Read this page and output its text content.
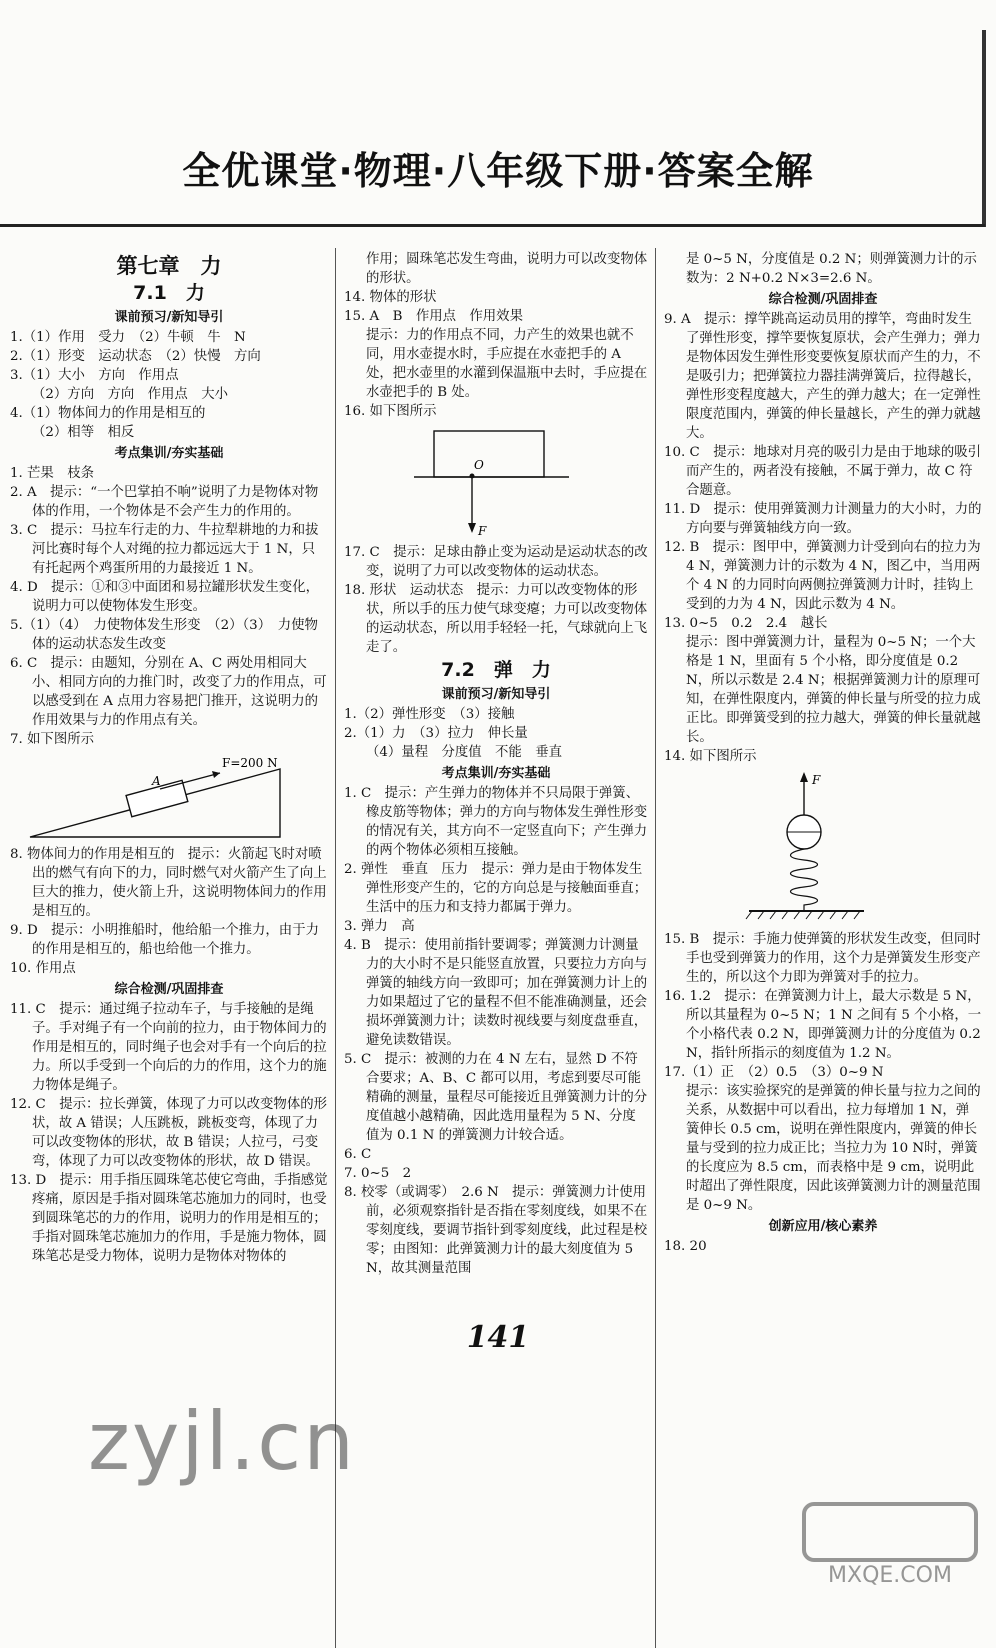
全优课堂·物理·八年级下册·答案全解

第七章　力

7.1　力

课前预习/新知导引

1.（1）作用　受力　（2）牛顿　牛　N

2.（1）形变　运动状态　（2）快慢　方向

3.（1）大小　方向　作用点

（2）方向　方向　作用点　大小

4.（1）物体间力的作用是相互的

（2）相等　相反

考点集训/夯实基础

1. 芒果　枝条

2. A　提示：“一个巴掌拍不响”说明了力是物体对物体的作用，一个物体是不会产生力的作用的。

3. C　提示：马拉车行走的力、牛拉犁耕地的力和拔河比赛时每个人对绳的拉力都远远大于 1 N，只有托起两个鸡蛋所用的力最接近 1 N。

4. D　提示：①和③中面团和易拉罐形状发生变化，说明力可以使物体发生形变。

5.（1）（4）　力使物体发生形变　（2）（3）　力使物体的运动状态发生改变

6. C　提示：由题知，分别在 A、C 两处用相同大小、相同方向的力推门时，改变了力的作用点，可以感受到在 A 点用力容易把门推开，这说明力的作用效果与力的作用点有关。

7. 如下图所示

A
F=200 N

8. 物体间力的作用是相互的　提示：火箭起飞时对喷出的燃气有向下的力，同时燃气对火箭产生了向上巨大的推力，使火箭上升，这说明物体间力的作用是相互的。

9. D　提示：小明推船时，他给船一个推力，由于力的作用是相互的，船也给他一个推力。

10. 作用点

综合检测/巩固排查

11. C　提示：通过绳子拉动车子，与手接触的是绳子。手对绳子有一个向前的拉力，由于物体间力的作用是相互的，同时绳子也会对手有一个向后的拉力。所以手受到一个向后的力的作用，这个力的施力物体是绳子。

12. C　提示：拉长弹簧，体现了力可以改变物体的形状，故 A 错误；人压跳板，跳板变弯，体现了力可以改变物体的形状，故 B 错误；人拉弓，弓变弯，体现了力可以改变物体的形状，故 D 错误。

13. D　提示：用手指压圆珠笔芯使它弯曲，手指感觉疼痛，原因是手指对圆珠笔芯施加力的同时，也受到圆珠笔芯的力的作用，说明力的作用是相互的；手指对圆珠笔芯施加力的作用，手是施力物体，圆珠笔芯是受力物体，说明力是物体对物体的

作用；圆珠笔芯发生弯曲，说明力可以改变物体的形状。

14. 物体的形状

15. A　B　作用点　作用效果

提示：力的作用点不同，力产生的效果也就不同，用水壶提水时，手应提在水壶把手的 A 处，把水壶里的水灌到保温瓶中去时，手应提在水壶把手的 B 处。

16. 如下图所示

O
F

17. C　提示：足球由静止变为运动是运动状态的改变，说明了力可以改变物体的运动状态。

18. 形状　运动状态　提示：力可以改变物体的形状，所以手的压力使气球变瘪；力可以改变物体的运动状态，所以用手轻轻一托，气球就向上飞走了。

7.2　弹　力

课前预习/新知导引

1.（2）弹性形变　（3）接触

2.（1）力　（3）拉力　伸长量

（4）量程　分度值　不能　垂直

考点集训/夯实基础

1. C　提示：产生弹力的物体并不只局限于弹簧、橡皮筋等物体；弹力的方向与物体发生弹性形变的情况有关，其方向不一定竖直向下；产生弹力的两个物体必须相互接触。

2. 弹性　垂直　压力　提示：弹力是由于物体发生弹性形变产生的，它的方向总是与接触面垂直；生活中的压力和支持力都属于弹力。

3. 弹力　高

4. B　提示：使用前指针要调零；弹簧测力计测量力的大小时不是只能竖直放置，只要拉力方向与弹簧的轴线方向一致即可；加在弹簧测力计上的力如果超过了它的量程不但不能准确测量，还会损坏弹簧测力计；读数时视线要与刻度盘垂直，避免读数错误。

5. C　提示：被测的力在 4 N 左右，显然 D 不符合要求；A、B、C 都可以用，考虑到要尽可能精确的测量，量程尽可能接近且弹簧测力计的分度值越小越精确，因此选用量程为 5 N、分度值为 0.1 N 的弹簧测力计较合适。

6. C

7. 0~5　2

8. 校零（或调零）　2.6 N　提示：弹簧测力计使用前，必须观察指针是否指在零刻度线，如果不在零刻度线，要调节指针到零刻度线，此过程是校零；由图知：此弹簧测力计的最大刻度值为 5 N，故其测量范围

是 0~5 N，分度值是 0.2 N；则弹簧测力计的示数为：2 N+0.2 N×3=2.6 N。

综合检测/巩固排查

9. A　提示：撑竿跳高运动员用的撑竿，弯曲时发生了弹性形变，撑竿要恢复原状，会产生弹力；弹力是物体因发生弹性形变要恢复原状而产生的力，不是吸引力；把弹簧拉力器挂满弹簧后，拉得越长，弹性形变程度越大，产生的弹力越大；在一定弹性限度范围内，弹簧的伸长量越长，产生的弹力就越大。

10. C　提示：地球对月亮的吸引力是由于地球的吸引而产生的，两者没有接触，不属于弹力，故 C 符合题意。

11. D　提示：使用弹簧测力计测量力的大小时，力的方向要与弹簧轴线方向一致。

12. B　提示：图甲中，弹簧测力计受到向右的拉力为 4 N，弹簧测力计的示数为 4 N，图乙中，当用两个 4 N 的力同时向两侧拉弹簧测力计时，挂钩上受到的力为 4 N，因此示数为 4 N。

13. 0~5　0.2　2.4　越长

提示：图中弹簧测力计，量程为 0~5 N；一个大格是 1 N，里面有 5 个小格，即分度值是 0.2 N，所以示数是 2.4 N；根据弹簧测力计的原理可知，在弹性限度内，弹簧的伸长量与所受的拉力成正比。即弹簧受到的拉力越大，弹簧的伸长量就越长。

14. 如下图所示

F

15. B　提示：手施力使弹簧的形状发生改变，但同时手也受到弹簧力的作用，这个力是弹簧发生形变产生的，所以这个力即为弹簧对手的拉力。

16. 1.2　提示：在弹簧测力计上，最大示数是 5 N，所以其量程为 0~5 N；1 N 之间有 5 个小格，一个小格代表 0.2 N，即弹簧测力计的分度值为 0.2 N，指针所指示的刻度值为 1.2 N。

17.（1）正　（2）0.5　（3）0~9 N

提示：该实验探究的是弹簧的伸长量与拉力之间的关系，从数据中可以看出，拉力每增加 1 N，弹簧伸长 0.5 cm，说明在弹性限度内，弹簧的伸长量与受到的拉力成正比；当拉力为 10 N时，弹簧的长度应为 8.5 cm，而表格中是 9 cm，说明此时超出了弹性限度，因此该弹簧测力计的测量范围是 0~9 N。

创新应用/核心素养

18. 20

141
zyjl.cn
MXQE.COM
